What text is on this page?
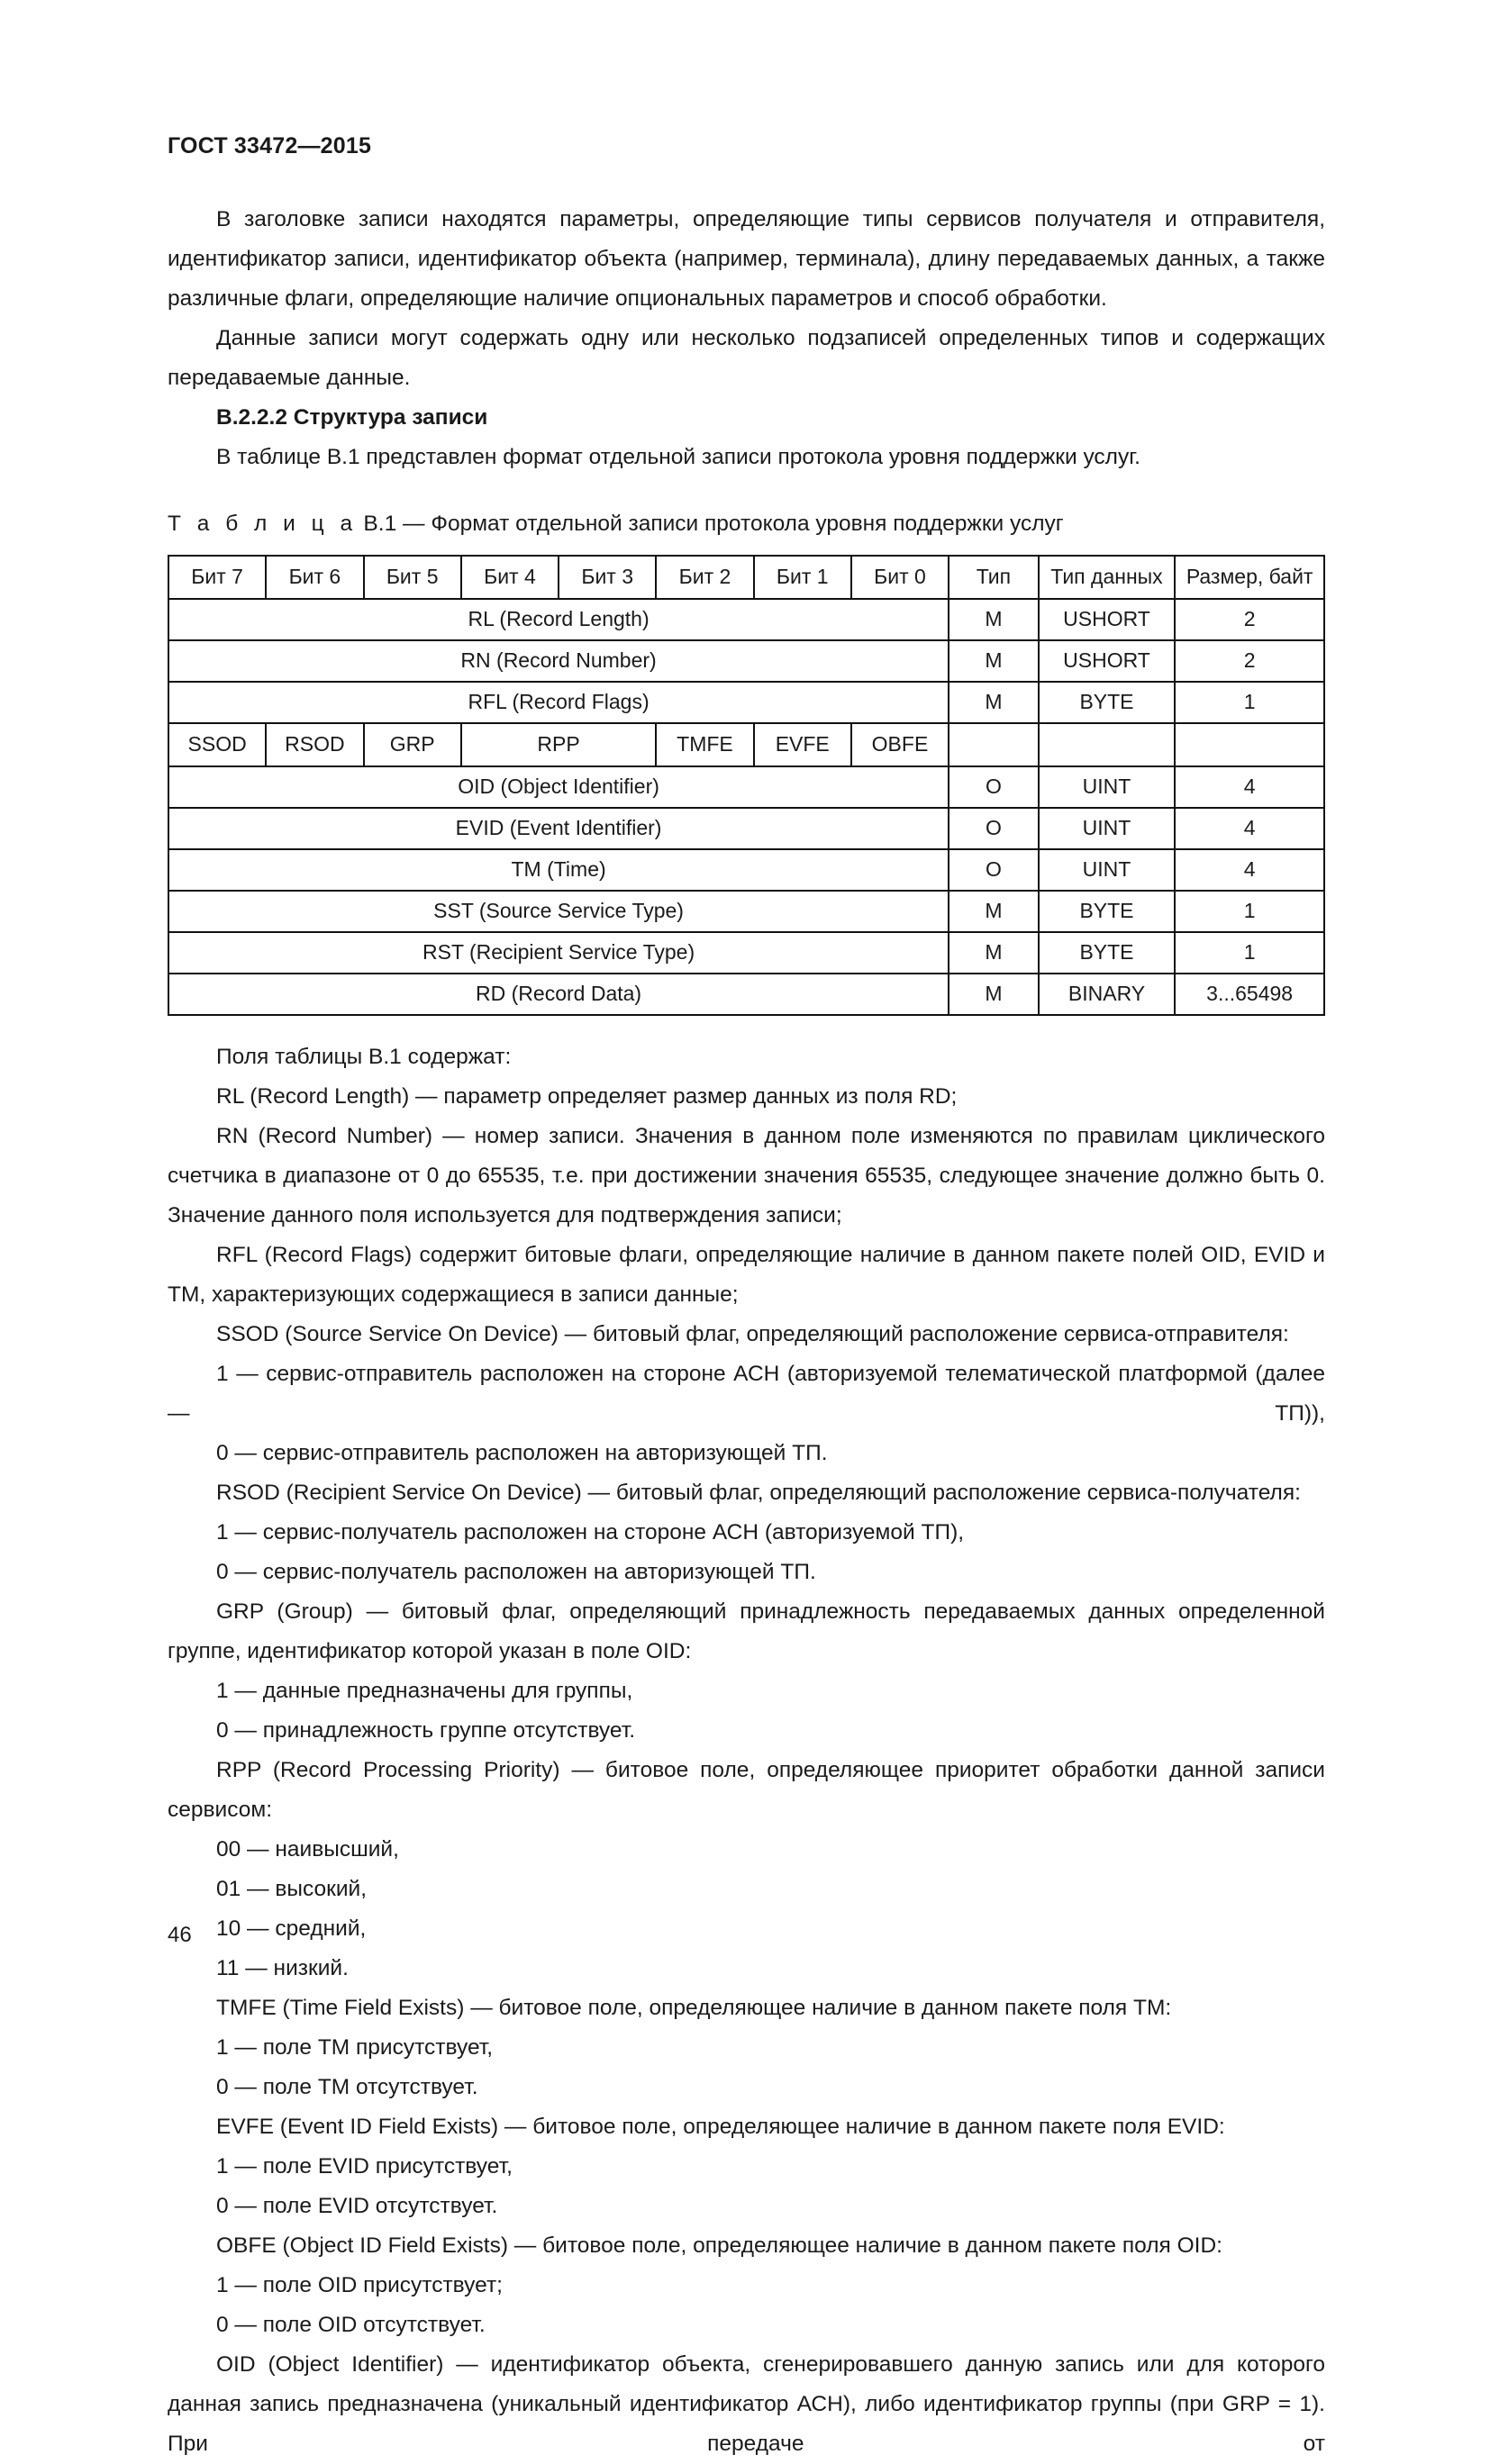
ГОСТ 33472—2015

В заголовке записи находятся параметры, определяющие типы сервисов получателя и отправителя, идентификатор записи, идентификатор объекта (например, терминала), длину передаваемых данных, а также различные флаги, определяющие наличие опциональных параметров и способ обработки.

Данные записи могут содержать одну или несколько подзаписей определенных типов и содержащих передаваемые данные.

В.2.2.2 Структура записи

В таблице В.1 представлен формат отдельной записи протокола уровня поддержки услуг.

Т а б л и ц а В.1 — Формат отдельной записи протокола уровня поддержки услуг
Бит 7	Бит 6	Бит 5	Бит 4	Бит 3	Бит 2	Бит 1	Бит 0	Тип	Тип данных	Размер, байт
RL (Record Length)								M	USHORT	2
RN (Record Number)								M	USHORT	2
RFL (Record Flags)								M	BYTE	1
SSOD	RSOD	GRP	RPP		TMFE	EVFE	OBFE			
OID (Object Identifier)								O	UINT	4
EVID (Event Identifier)								O	UINT	4
TM (Time)								O	UINT	4
SST (Source Service Type)								M	BYTE	1
RST (Recipient Service Type)								M	BYTE	1
RD (Record Data)								M	BINARY	3...65498

Поля таблицы В.1 содержат:

RL (Record Length) — параметр определяет размер данных из поля RD;

RN (Record Number) — номер записи. Значения в данном поле изменяются по правилам циклического счетчика в диапазоне от 0 до 65535, т.е. при достижении значения 65535, следующее значение должно быть 0. Значение данного поля используется для подтверждения записи;

RFL (Record Flags) содержит битовые флаги, определяющие наличие в данном пакете полей OID, EVID и TM, характеризующих содержащиеся в записи данные;

SSOD (Source Service On Device) — битовый флаг, определяющий расположение сервиса-отправителя:

1 — сервис-отправитель расположен на стороне АСН (авторизуемой телематической платформой (далее — ТП)),

0 — сервис-отправитель расположен на авторизующей ТП.

RSOD (Recipient Service On Device) — битовый флаг, определяющий расположение сервиса-получателя:

1 — сервис-получатель расположен на стороне АСН (авторизуемой ТП),

0 — сервис-получатель расположен на авторизующей ТП.

GRP (Group) — битовый флаг, определяющий принадлежность передаваемых данных определенной группе, идентификатор которой указан в поле OID:

1 — данные предназначены для группы,

0 — принадлежность группе отсутствует.

RPP (Record Processing Priority) — битовое поле, определяющее приоритет обработки данной записи сервисом:

00 — наивысший,

01 — высокий,

10 — средний,

11 — низкий.

TMFE (Time Field Exists) — битовое поле, определяющее наличие в данном пакете поля TM:

1 — поле TM присутствует,

0 — поле TM отсутствует.

EVFE (Event ID Field Exists) — битовое поле, определяющее наличие в данном пакете поля EVID:

1 — поле EVID присутствует,

0 — поле EVID отсутствует.

OBFE (Object ID Field Exists) — битовое поле, определяющее наличие в данном пакете поля OID:

1 — поле OID присутствует;

0 — поле OID отсутствует.

OID (Object Identifier) — идентификатор объекта, сгенерировавшего данную запись или для которого данная запись предназначена (уникальный идентификатор АСН), либо идентификатор группы (при GRP = 1). При передаче от

46
